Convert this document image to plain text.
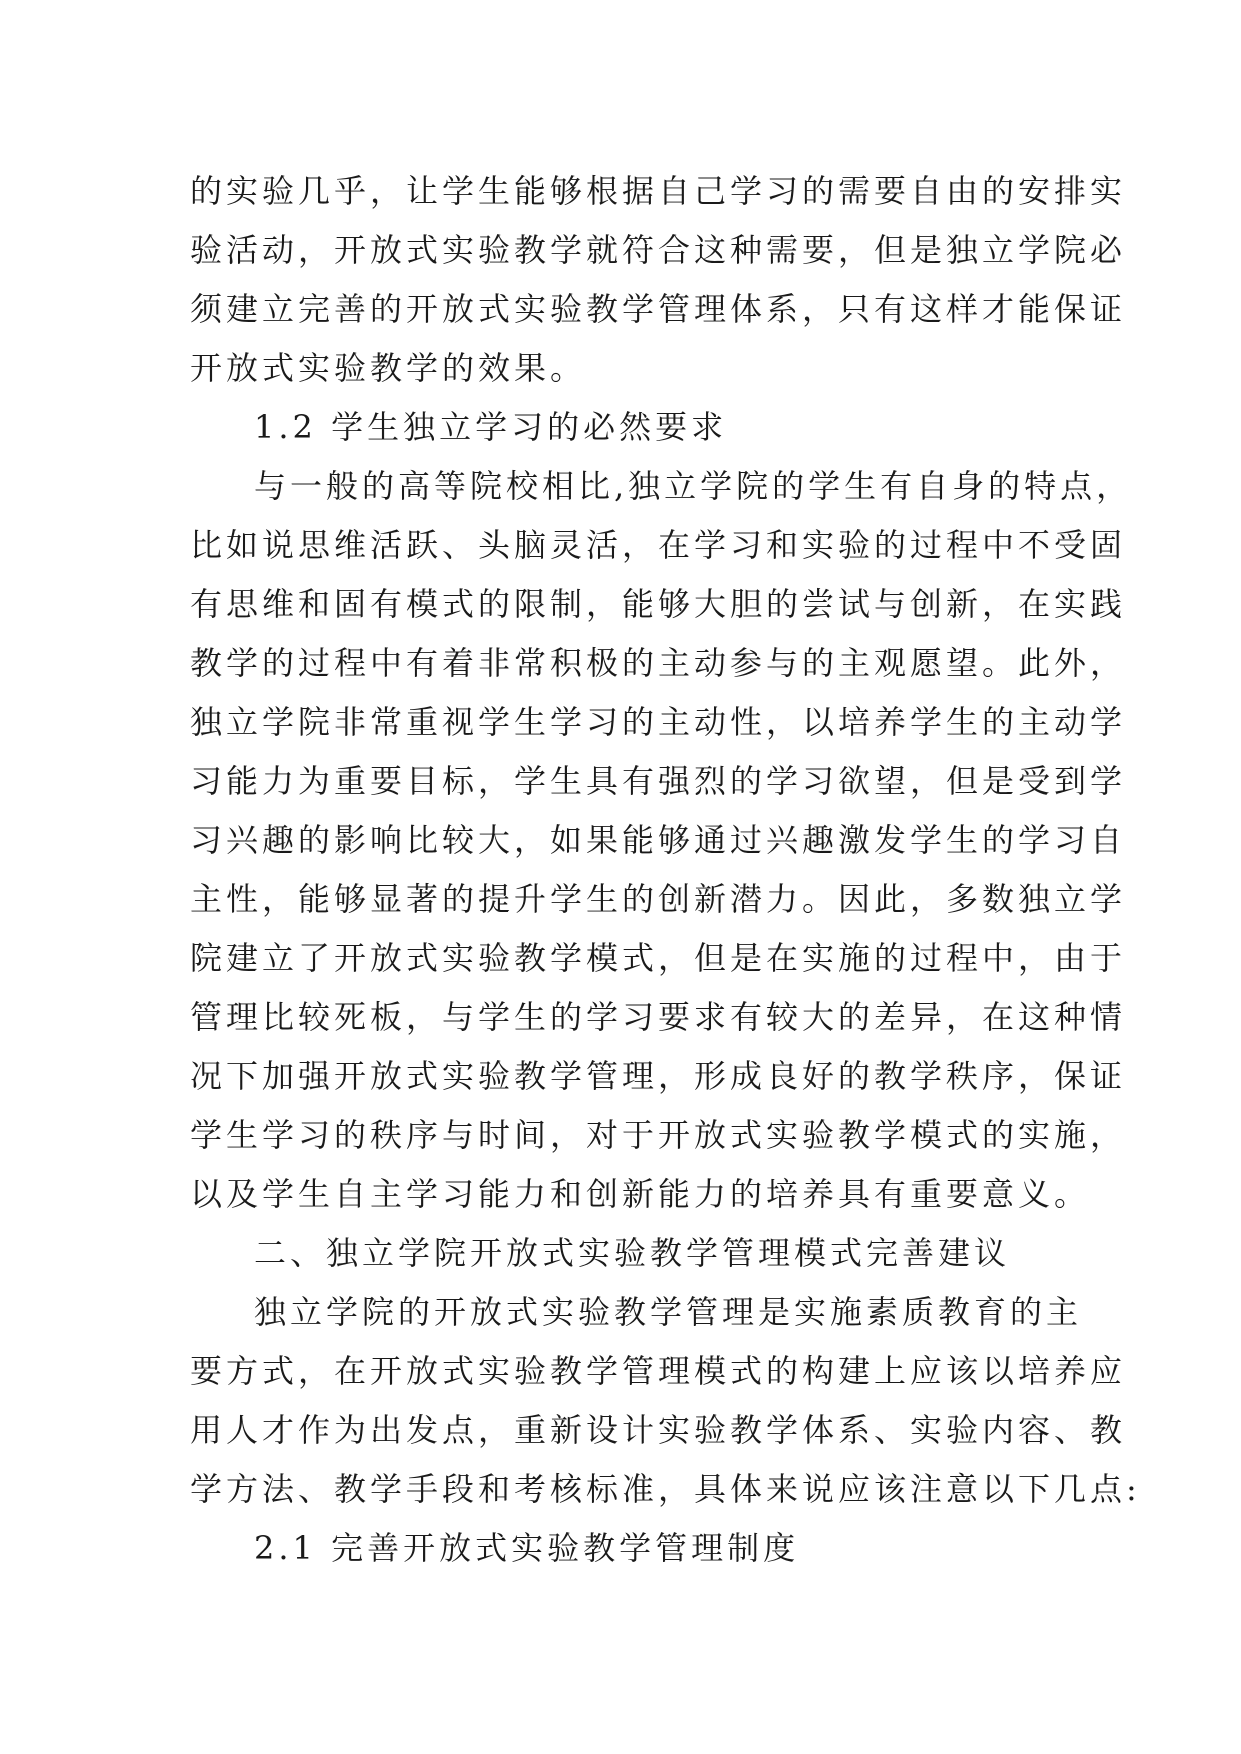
的实验几乎，让学生能够根据自己学习的需要自由的安排实
验活动，开放式实验教学就符合这种需要，但是独立学院必
须建立完善的开放式实验教学管理体系，只有这样才能保证
开放式实验教学的效果。
1.2 学生独立学习的必然要求
与一般的高等院校相比,独立学院的学生有自身的特点，
比如说思维活跃、头脑灵活，在学习和实验的过程中不受固
有思维和固有模式的限制，能够大胆的尝试与创新，在实践
教学的过程中有着非常积极的主动参与的主观愿望。此外，
独立学院非常重视学生学习的主动性，以培养学生的主动学
习能力为重要目标，学生具有强烈的学习欲望，但是受到学
习兴趣的影响比较大，如果能够通过兴趣激发学生的学习自
主性，能够显著的提升学生的创新潜力。因此，多数独立学
院建立了开放式实验教学模式，但是在实施的过程中，由于
管理比较死板，与学生的学习要求有较大的差异，在这种情
况下加强开放式实验教学管理，形成良好的教学秩序，保证
学生学习的秩序与时间，对于开放式实验教学模式的实施，
以及学生自主学习能力和创新能力的培养具有重要意义。
二、独立学院开放式实验教学管理模式完善建议
独立学院的开放式实验教学管理是实施素质教育的主
要方式，在开放式实验教学管理模式的构建上应该以培养应
用人才作为出发点，重新设计实验教学体系、实验内容、教
学方法、教学手段和考核标准，具体来说应该注意以下几点:
2.1 完善开放式实验教学管理制度
